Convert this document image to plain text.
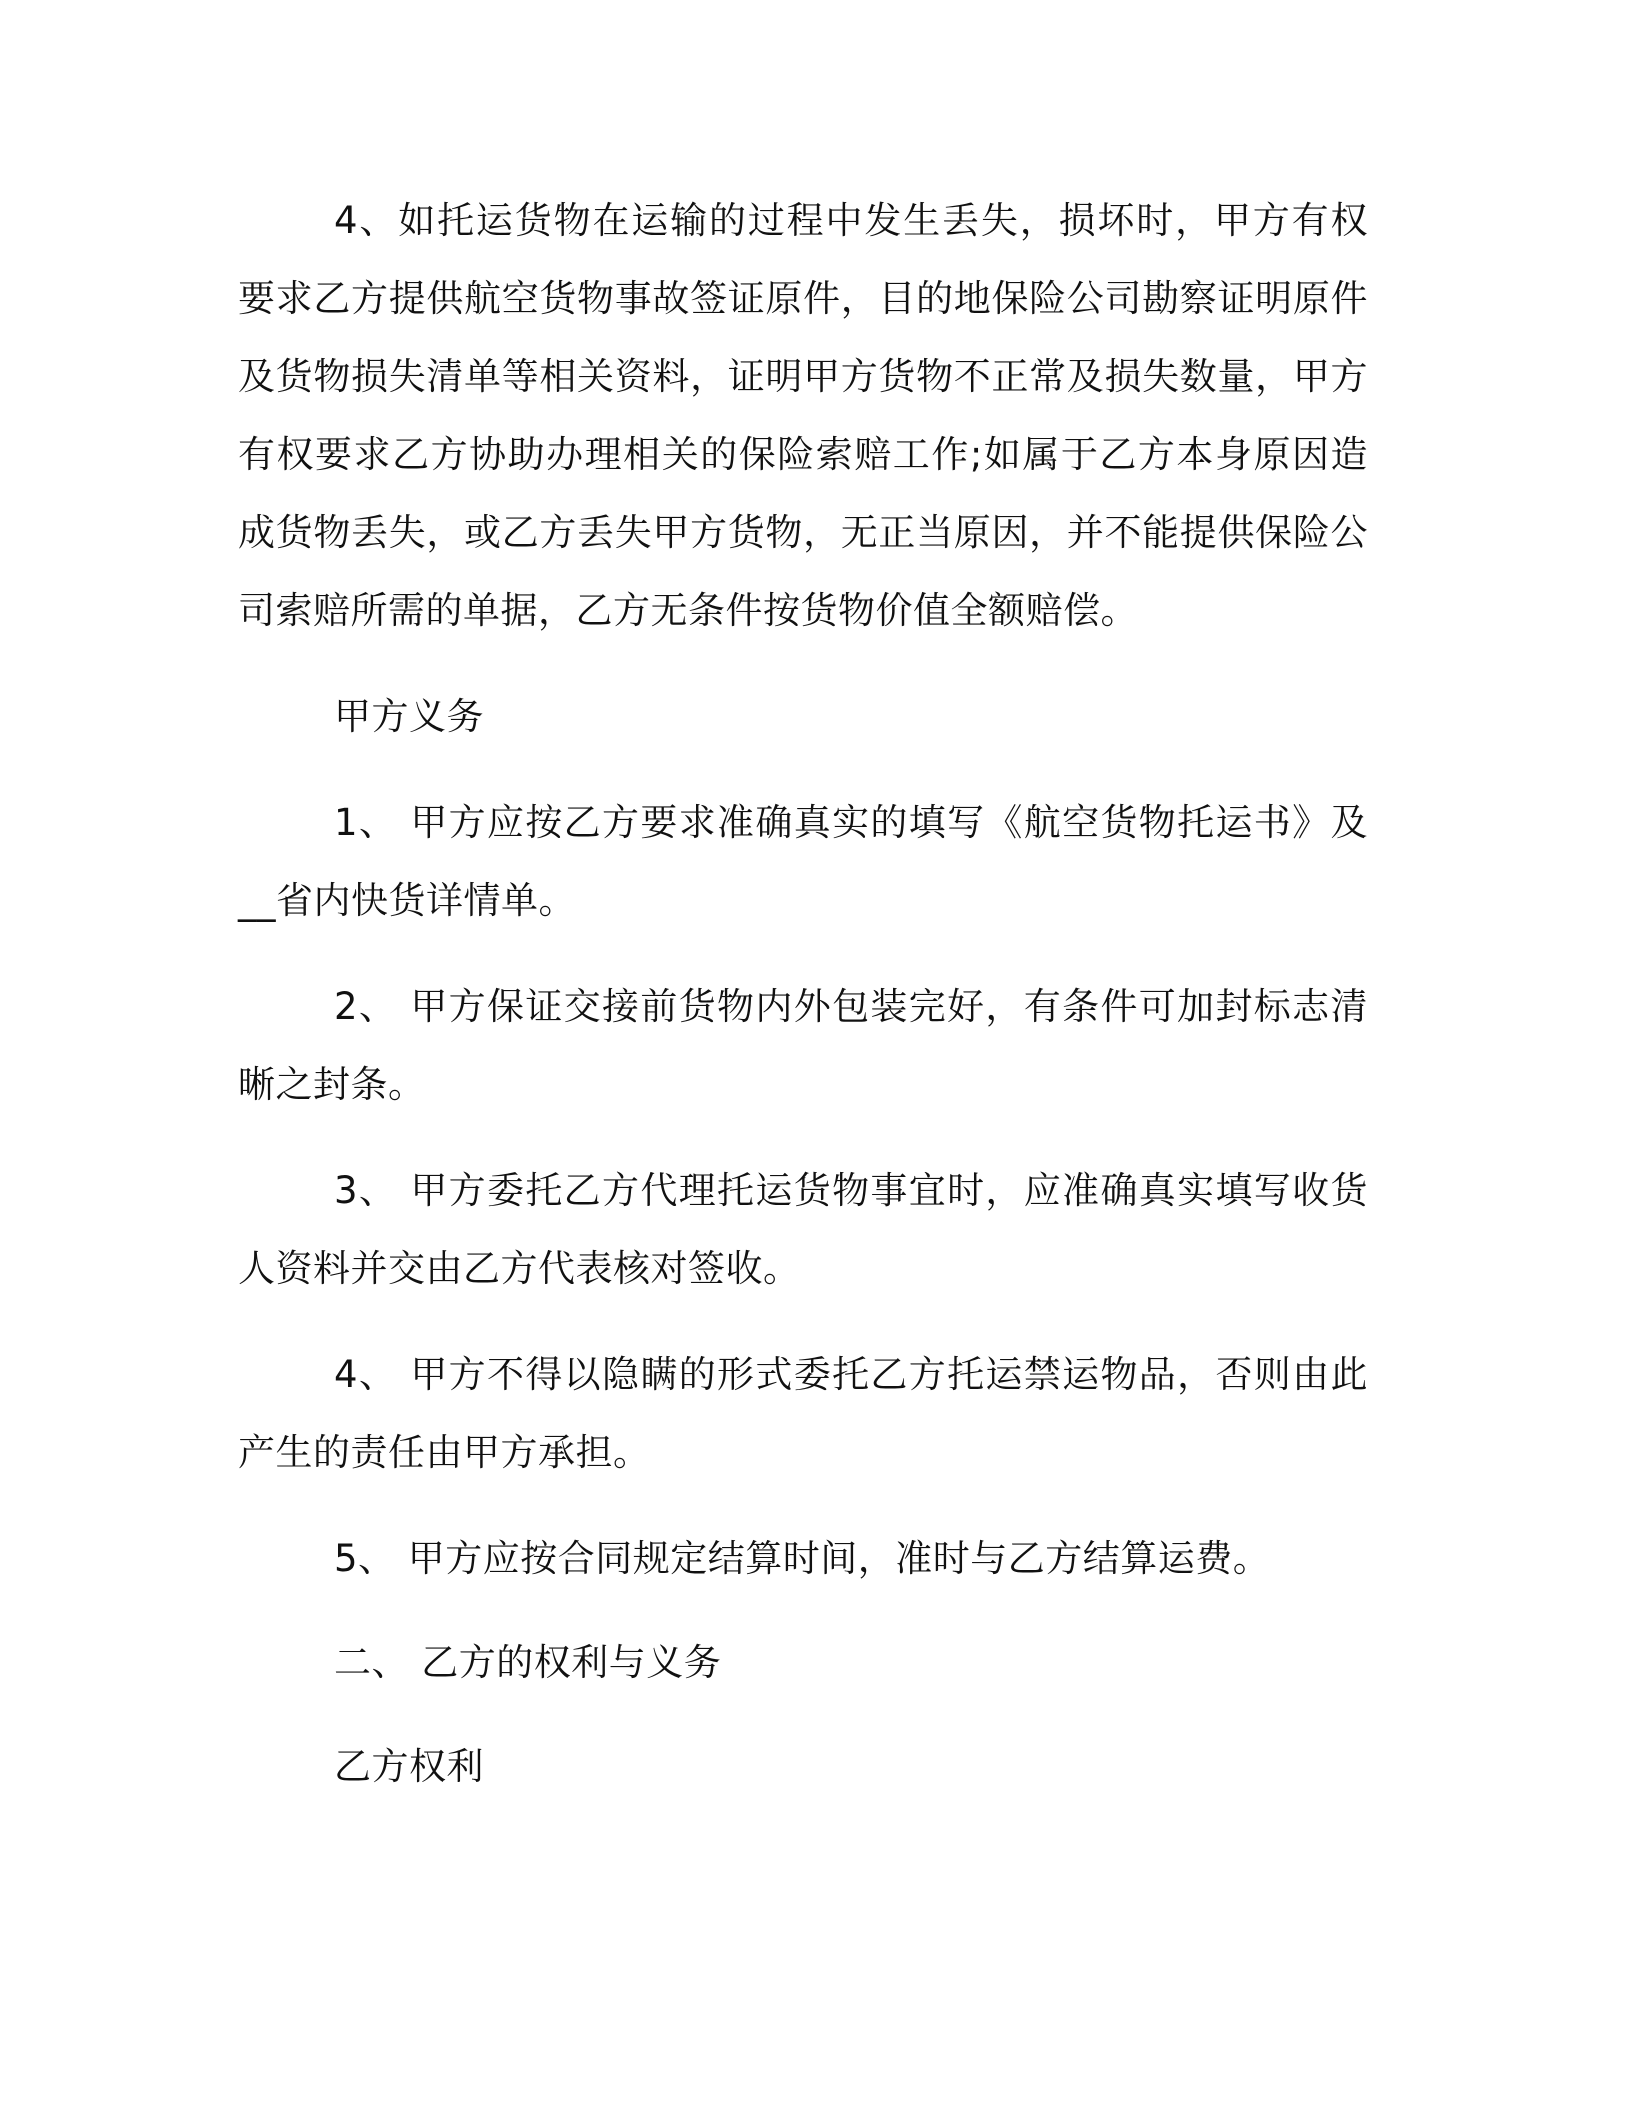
4、如托运货物在运输的过程中发生丢失，损坏时，甲方有权要求乙方提供航空货物事故签证原件，目的地保险公司勘察证明原件及货物损失清单等相关资料，证明甲方货物不正常及损失数量，甲方有权要求乙方协助办理相关的保险索赔工作;如属于乙方本身原因造成货物丢失，或乙方丢失甲方货物，无正当原因，并不能提供保险公司索赔所需的单据，乙方无条件按货物价值全额赔偿。

甲方义务

1、 甲方应按乙方要求准确真实的填写《航空货物托运书》及__省内快货详情单。

2、 甲方保证交接前货物内外包装完好，有条件可加封标志清晰之封条。

3、 甲方委托乙方代理托运货物事宜时，应准确真实填写收货人资料并交由乙方代表核对签收。

4、 甲方不得以隐瞒的形式委托乙方托运禁运物品，否则由此产生的责任由甲方承担。

5、 甲方应按合同规定结算时间，准时与乙方结算运费。

二、 乙方的权利与义务

乙方权利
